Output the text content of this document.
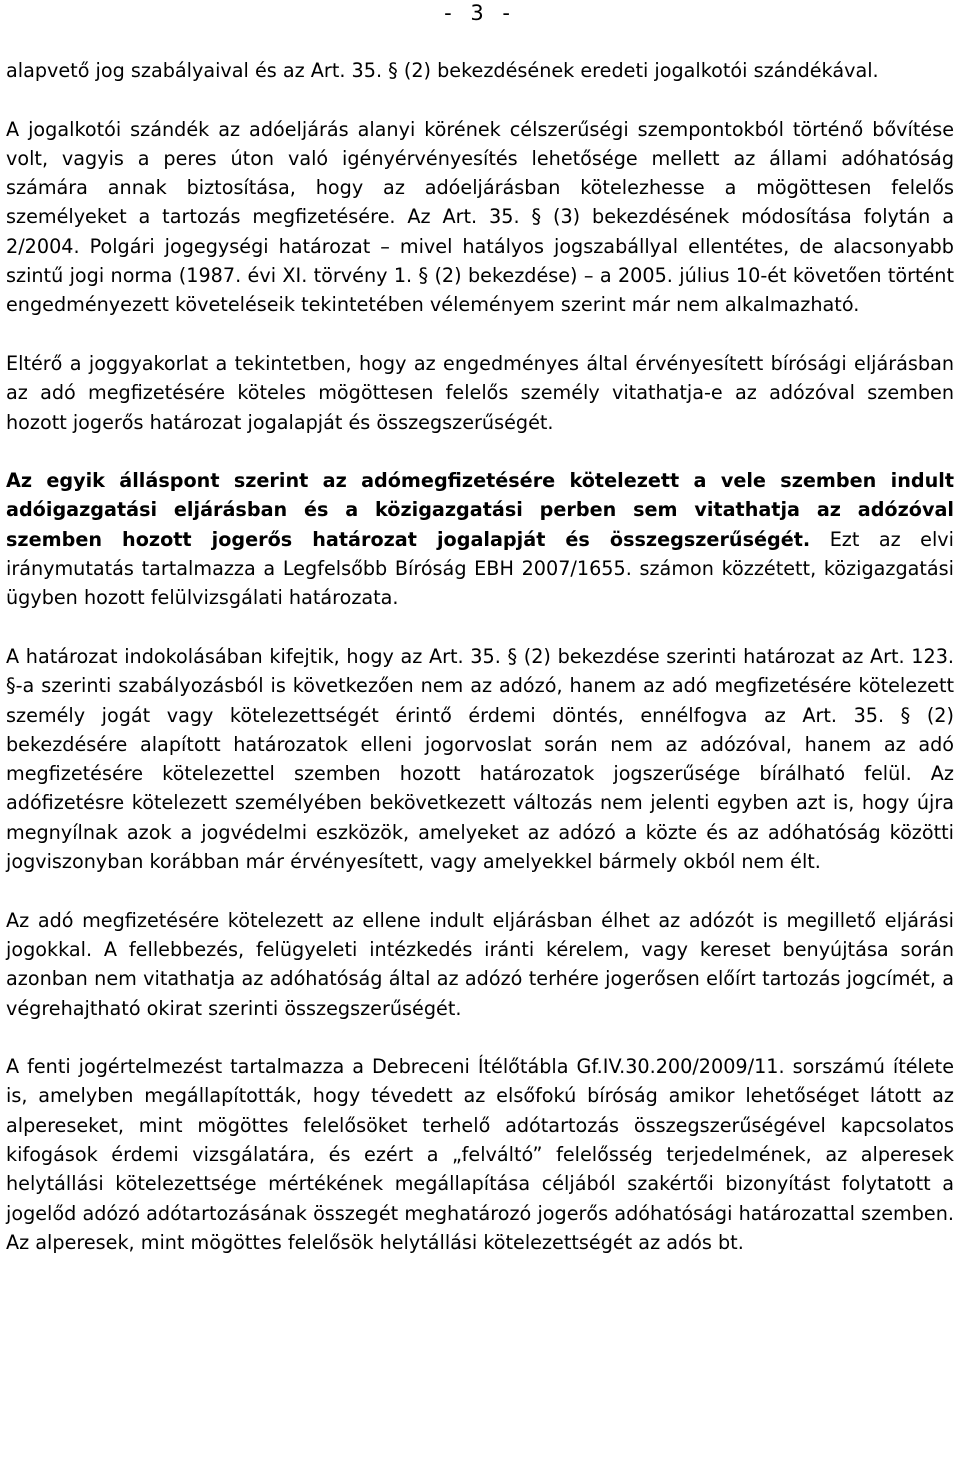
- 3 -

alapvető jog szabályaival és az Art. 35. § (2) bekezdésének eredeti jogalkotói szándékával.

A jogalkotói szándék az adóeljárás alanyi körének célszerűségi szempontokból történő bővítése volt, vagyis a peres úton való igényérvényesítés lehetősége mellett az állami adóhatóság számára annak biztosítása, hogy az adóeljárásban kötelezhesse a mögöttesen felelős személyeket a tartozás megfizetésére. Az Art. 35. § (3) bekezdésének módosítása folytán a 2/2004. Polgári jogegységi határozat – mivel hatályos jogszabállyal ellentétes, de alacsonyabb szintű jogi norma (1987. évi XI. törvény 1. § (2) bekezdése) – a 2005. július 10-ét követően történt engedményezett követeléseik tekintetében véleményem szerint már nem alkalmazható.

Eltérő a joggyakorlat a tekintetben, hogy az engedményes által érvényesített bírósági eljárásban az adó megfizetésére köteles mögöttesen felelős személy vitathatja-e az adózóval szemben hozott jogerős határozat jogalapját és összegszerűségét.

Az egyik álláspont szerint az adómegfizetésére kötelezett a vele szemben indult adóigazgatási eljárásban és a közigazgatási perben sem vitathatja az adózóval szemben hozott jogerős határozat jogalapját és összegszerűségét. Ezt az elvi iránymutatás tartalmazza a Legfelsőbb Bíróság EBH 2007/1655. számon közzétett, közigazgatási ügyben hozott felülvizsgálati határozata.

A határozat indokolásában kifejtik, hogy az Art. 35. § (2) bekezdése szerinti határozat az Art. 123. §-a szerinti szabályozásból is következően nem az adózó, hanem az adó megfizetésére kötelezett személy jogát vagy kötelezettségét érintő érdemi döntés, ennélfogva az Art. 35. § (2) bekezdésére alapított határozatok elleni jogorvoslat során nem az adózóval, hanem az adó megfizetésére kötelezettel szemben hozott határozatok jogszerűsége bírálható felül. Az adófizetésre kötelezett személyében bekövetkezett változás nem jelenti egyben azt is, hogy újra megnyílnak azok a jogvédelmi eszközök, amelyeket az adózó a közte és az adóhatóság közötti jogviszonyban korábban már érvényesített, vagy amelyekkel bármely okból nem élt.

Az adó megfizetésére kötelezett az ellene indult eljárásban élhet az adózót is megillető eljárási jogokkal. A fellebbezés, felügyeleti intézkedés iránti kérelem, vagy kereset benyújtása során azonban nem vitathatja az adóhatóság által az adózó terhére jogerősen előírt tartozás jogcímét, a végrehajtható okirat szerinti összegszerűségét.

A fenti jogértelmezést tartalmazza a Debreceni Ítélőtábla Gf.IV.30.200/2009/11. sorszámú ítélete is, amelyben megállapították, hogy tévedett az elsőfokú bíróság amikor lehetőséget látott az alpereseket, mint mögöttes felelősöket terhelő adótartozás összegszerűségével kapcsolatos kifogások érdemi vizsgálatára, és ezért a „felváltó” felelősség terjedelmének, az alperesek helytállási kötelezettsége mértékének megállapítása céljából szakértői bizonyítást folytatott a jogelőd adózó adótartozásának összegét meghatározó jogerős adóhatósági határozattal szemben. Az alperesek, mint mögöttes felelősök helytállási kötelezettségét az adós bt.
